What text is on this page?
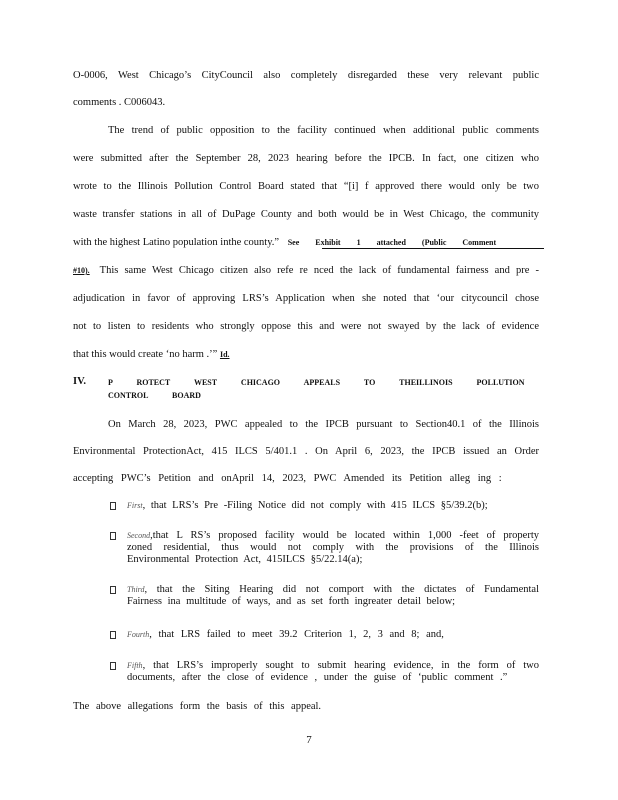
O-0006, West Chicago’s CityCouncil also completely disregarded these very relevant public
comments . C006043.
The trend of public opposition to the facility continued when additional public comments
were submitted after the September 28, 2023 hearing before the IPCB. In fact, one citizen who
wrote to the Illinois Pollution Control Board stated that “[i] f approved there would only be two
waste transfer stations in all of DuPage County and both would be in West Chicago, the community
with the highest Latino population inthe county.” See Exhibit 1 attached (Public Comment
#10). This same West Chicago citizen also refe re nced the lack of fundamental fairness and pre -
adjudication in favor of approving LRS’s Application when she noted that ‘our citycouncil chose
not to listen to residents who strongly oppose this and were not swayed by the lack of evidence
that this would create ‘no harm .’” Id.
IV.	P ROTECT WEST CHICAGO APPEALS TO THEILLINOIS POLLUTION
CONTROL BOARD
On March 28, 2023, PWC appealed to the IPCB pursuant to Section40.1 of the Illinois
Environmental ProtectionAct, 415 ILCS 5/401.1 . On April 6, 2023, the IPCB issued an Order
accepting PWC’s Petition and onApril 14, 2023, PWC Amended its Petition alleg ing :
First, that LRS’s Pre -Filing Notice did not comply with 415 ILCS §5/39.2(b);
Second,that L RS’s proposed facility would be located within 1,000 -feet of property
zoned residential, thus would not comply with the provisions of the Illinois
Environmental Protection Act, 415ILCS §5/22.14(a);
Third, that the Siting Hearing did not comport with the dictates of Fundamental
Fairness ina multitude of ways, and as set forth ingreater detail below;
Fourth, that LRS failed to meet 39.2 Criterion 1, 2, 3 and 8; and,
Fifth, that LRS’s improperly sought to submit hearing evidence, in the form of two
documents, after the close of evidence , under the guise of ‘public comment .”
The above allegations form the basis of this appeal.
7
